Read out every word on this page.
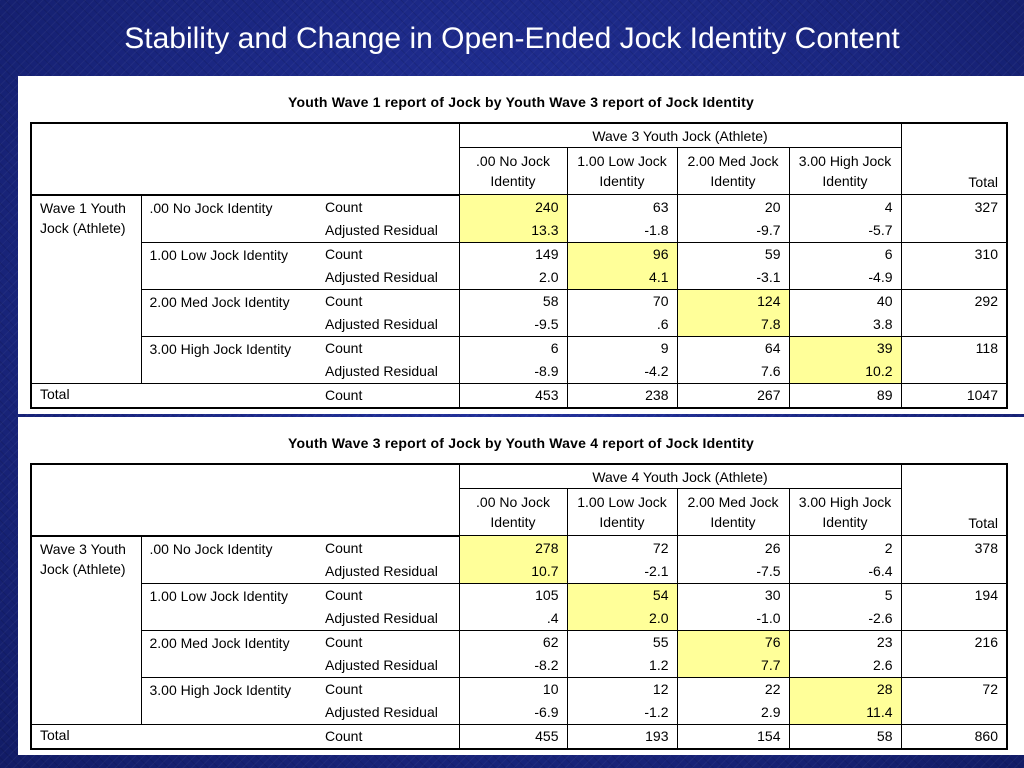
Stability and Change in Open-Ended Jock Identity Content
Youth Wave 1 report of Jock by Youth Wave 3 report of Jock Identity
			Wave 3 Youth Jock (Athlete)				Total
			.00 No Jock Identity	1.00 Low Jock Identity	2.00 Med Jock Identity	3.00 High Jock Identity	
Wave 1 Youth Jock (Athlete)	.00 No Jock Identity	Count	240	63	20	4	327
		Adjusted Residual	13.3	-1.8	-9.7	-5.7	
	1.00 Low Jock Identity	Count	149	96	59	6	310
		Adjusted Residual	2.0	4.1	-3.1	-4.9	
	2.00 Med Jock Identity	Count	58	70	124	40	292
		Adjusted Residual	-9.5	.6	7.8	3.8	
	3.00 High Jock Identity	Count	6	9	64	39	118
		Adjusted Residual	-8.9	-4.2	7.6	10.2	
Total		Count	453	238	267	89	1047
Youth Wave 3 report of Jock by Youth Wave 4 report of Jock Identity
			Wave 4 Youth Jock (Athlete)				Total
			.00 No Jock Identity	1.00 Low Jock Identity	2.00 Med Jock Identity	3.00 High Jock Identity	
Wave 3 Youth Jock (Athlete)	.00 No Jock Identity	Count	278	72	26	2	378
		Adjusted Residual	10.7	-2.1	-7.5	-6.4	
	1.00 Low Jock Identity	Count	105	54	30	5	194
		Adjusted Residual	.4	2.0	-1.0	-2.6	
	2.00 Med Jock Identity	Count	62	55	76	23	216
		Adjusted Residual	-8.2	1.2	7.7	2.6	
	3.00 High Jock Identity	Count	10	12	22	28	72
		Adjusted Residual	-6.9	-1.2	2.9	11.4	
Total		Count	455	193	154	58	860
